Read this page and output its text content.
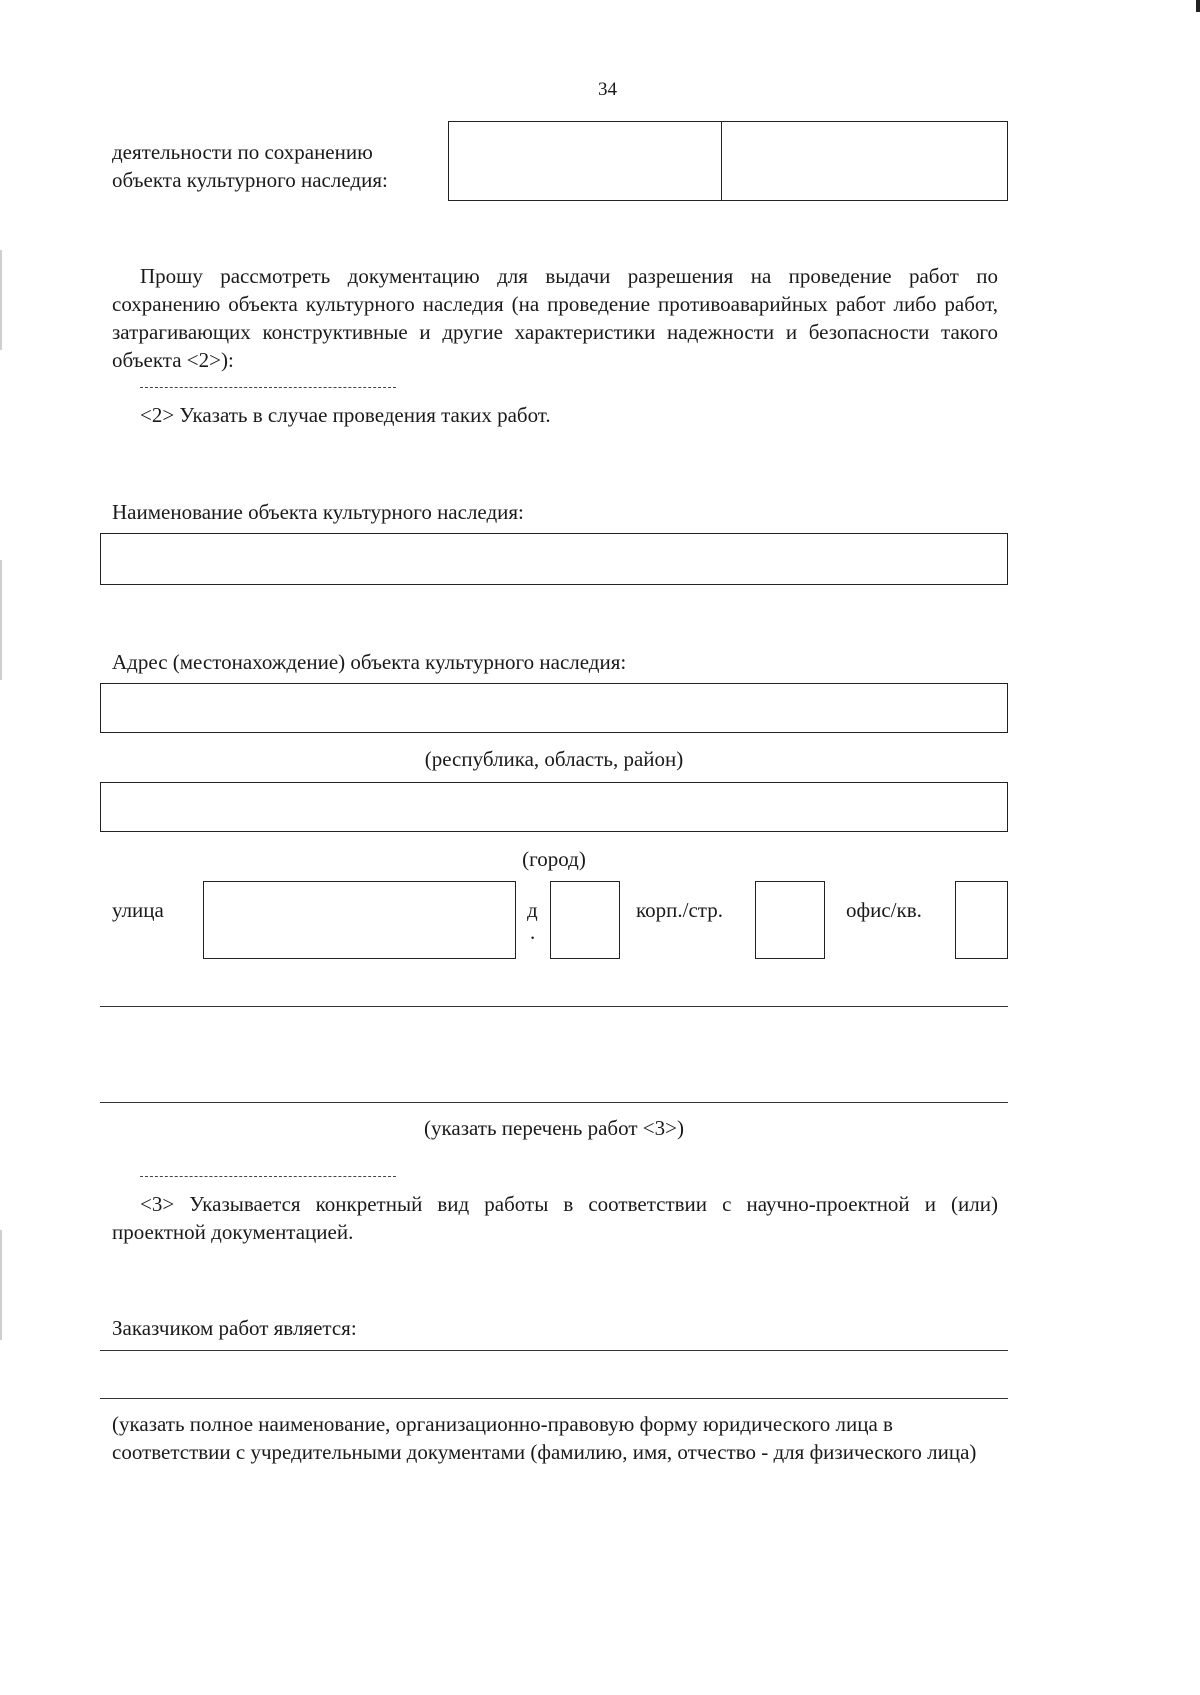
34
деятельности по сохранению
объекта культурного наследия:
Прошу рассмотреть документацию для выдачи разрешения на проведение работ по сохранению объекта культурного наследия (на проведение противоаварийных работ либо работ, затрагивающих конструктивные и другие характеристики надежности и безопасности такого объекта <2>):
<2> Указать в случае проведения таких работ.
Наименование объекта культурного наследия:
Адрес (местонахождение) объекта культурного наследия:
(республика, область, район)
(город)
улица	д
.
корп./стр.	офис/кв.
(указать перечень работ <3>)
<3> Указывается конкретный вид работы в соответствии с научно-проектной и (или) проектной документацией.
Заказчиком работ является:
(указать полное наименование, организационно-правовую форму юридического лица в соответствии с учредительными документами (фамилию, имя, отчество - для физического лица)
